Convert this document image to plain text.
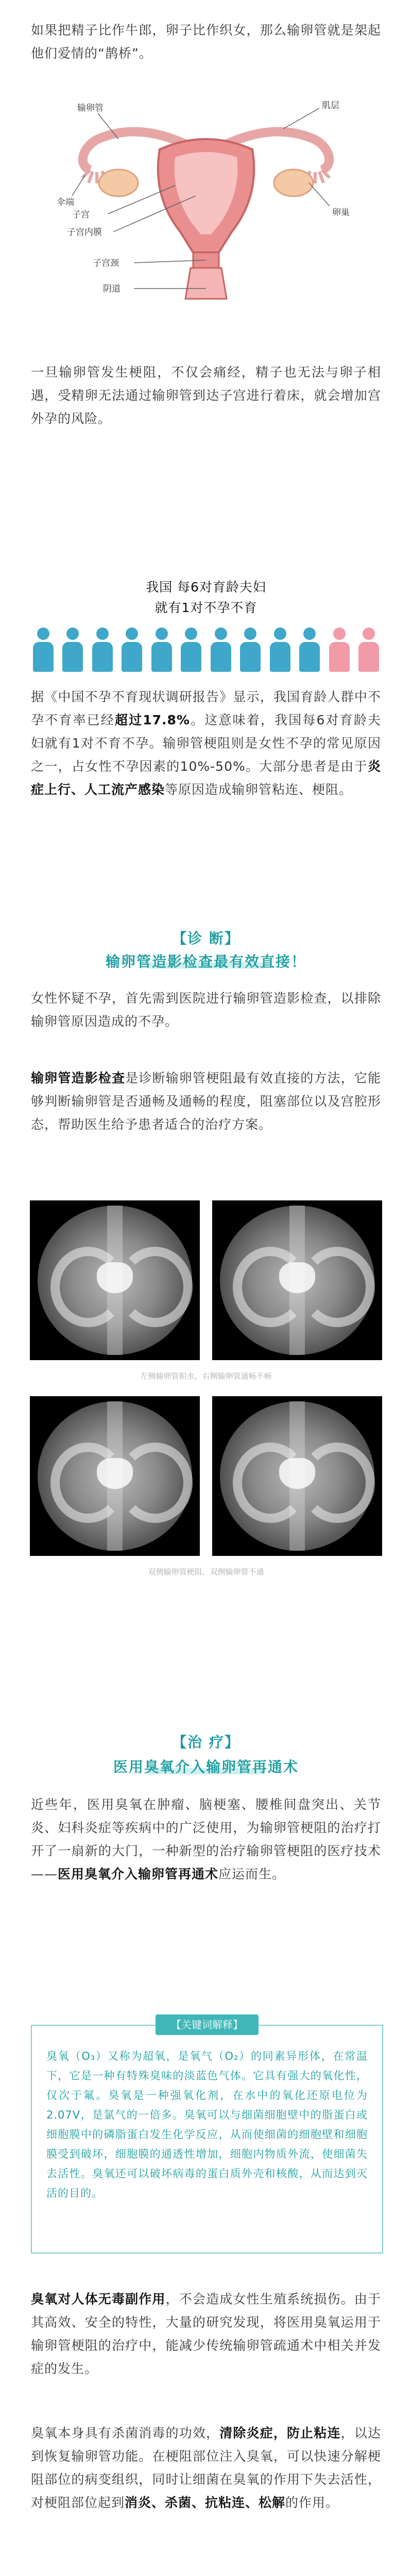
如果把精子比作牛郎，卵子比作织女，那么输卵管就是架起他们爱情的“鹊桥”。
肌层
输卵管
子宫
子宫内膜
子宫颈
阴道
卵巢
伞端
一旦输卵管发生梗阻，不仅会痛经，精子也无法与卵子相遇，受精卵无法通过输卵管到达子宫进行着床，就会增加宫外孕的风险。
我国 每6对育龄夫妇
就有1对不孕不育
据《中国不孕不育现状调研报告》显示，我国育龄人群中不孕不育率已经超过17.8%。这意味着，我国每6对育龄夫妇就有1对不育不孕。输卵管梗阻则是女性不孕的常见原因之一，占女性不孕因素的10%-50%。大部分患者是由于炎症上行、人工流产感染等原因造成输卵管粘连、梗阻。
【诊 断】
输卵管造影检查最有效直接！
女性怀疑不孕，首先需到医院进行输卵管造影检查，以排除输卵管原因造成的不孕。
输卵管造影检查是诊断输卵管梗阻最有效直接的方法，它能够判断输卵管是否通畅及通畅的程度，阻塞部位以及宫腔形态，帮助医生给予患者适合的治疗方案。
左侧输卵管积水，右侧输卵管通畅不畅
双侧输卵管梗阻，双侧输卵管不通
【治 疗】
医用臭氧介入输卵管再通术
近些年，医用臭氧在肿瘤、脑梗塞、腰椎间盘突出、关节炎、妇科炎症等疾病中的广泛使用，为输卵管梗阻的治疗打开了一扇新的大门，一种新型的治疗输卵管梗阻的医疗技术——医用臭氧介入输卵管再通术应运而生。
【关键词解释】
臭氧（O₃）又称为超氧，是氧气（O₂）的同素异形体，在常温下，它是一种有特殊臭味的淡蓝色气体。它具有强大的氧化性，仅次于氟。臭氧是一种强氧化剂，在水中的氧化还原电位为2.07V，是氯气的一倍多。臭氧可以与细菌细胞壁中的脂蛋白或细胞膜中的磷脂蛋白发生化学反应，从而使细菌的细胞壁和细胞膜受到破坏，细胞膜的通透性增加，细胞内物质外流，使细菌失去活性。臭氧还可以破坏病毒的蛋白质外壳和核酸，从而达到灭活的目的。
臭氧对人体无毒副作用，不会造成女性生殖系统损伤。由于其高效、安全的特性，大量的研究发现，将医用臭氧运用于输卵管梗阻的治疗中，能减少传统输卵管疏通术中相关并发症的发生。
臭氧本身具有杀菌消毒的功效，清除炎症，防止粘连，以达到恢复输卵管功能。在梗阻部位注入臭氧，可以快速分解梗阻部位的病变组织，同时让细菌在臭氧的作用下失去活性，对梗阻部位起到消炎、杀菌、抗粘连、松解的作用。
